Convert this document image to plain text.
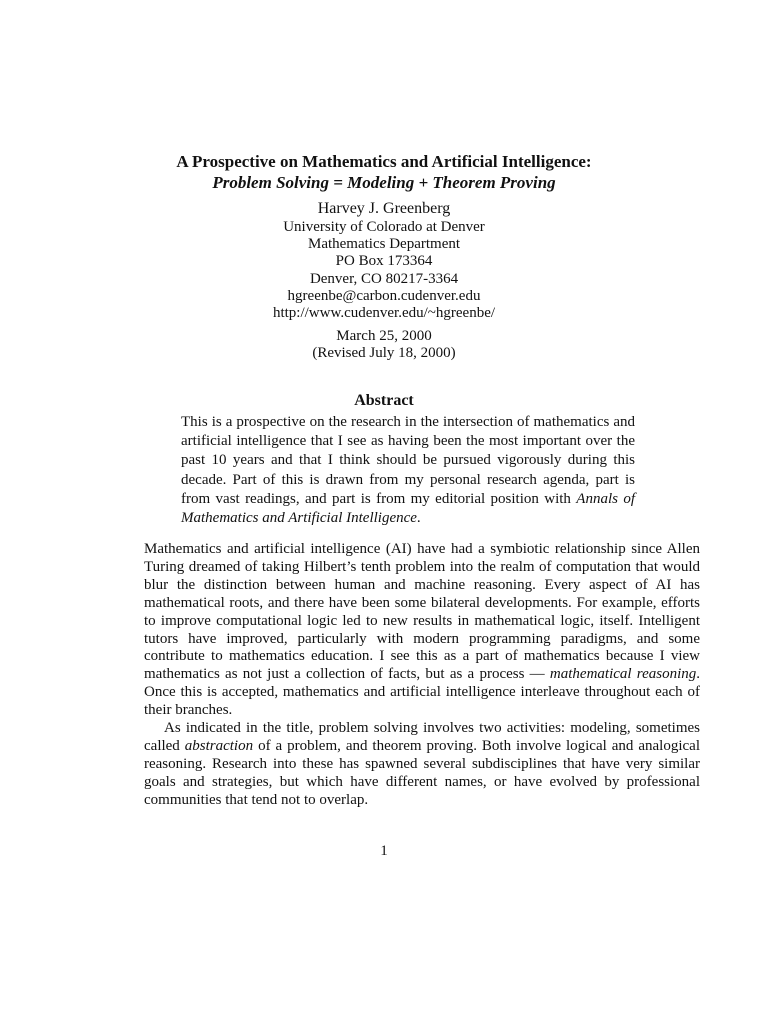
A Prospective on Mathematics and Artificial Intelligence:
Problem Solving = Modeling + Theorem Proving
Harvey J. Greenberg
University of Colorado at Denver
Mathematics Department
PO Box 173364
Denver, CO 80217-3364
hgreenbe@carbon.cudenver.edu
http://www.cudenver.edu/~hgreenbe/
March 25, 2000
(Revised July 18, 2000)
Abstract
This is a prospective on the research in the intersection of mathematics and artificial intelligence that I see as having been the most important over the past 10 years and that I think should be pursued vigorously during this decade. Part of this is drawn from my personal research agenda, part is from vast readings, and part is from my editorial position with Annals of Mathematics and Artificial Intelligence.

Mathematics and artificial intelligence (AI) have had a symbiotic relationship since Allen Turing dreamed of taking Hilbert’s tenth problem into the realm of computation that would blur the distinction between human and machine reasoning. Every aspect of AI has mathematical roots, and there have been some bilateral developments. For example, efforts to improve computational logic led to new results in mathematical logic, itself. Intelligent tutors have improved, particularly with modern programming paradigms, and some contribute to mathematics education. I see this as a part of mathematics because I view mathematics as not just a collection of facts, but as a process — mathematical reasoning. Once this is accepted, mathematics and artificial intelligence interleave throughout each of their branches.

As indicated in the title, problem solving involves two activities: modeling, sometimes called abstraction of a problem, and theorem proving. Both involve logical and analogical reasoning. Research into these has spawned several subdisciplines that have very similar goals and strategies, but which have different names, or have evolved by professional communities that tend not to overlap.

1
